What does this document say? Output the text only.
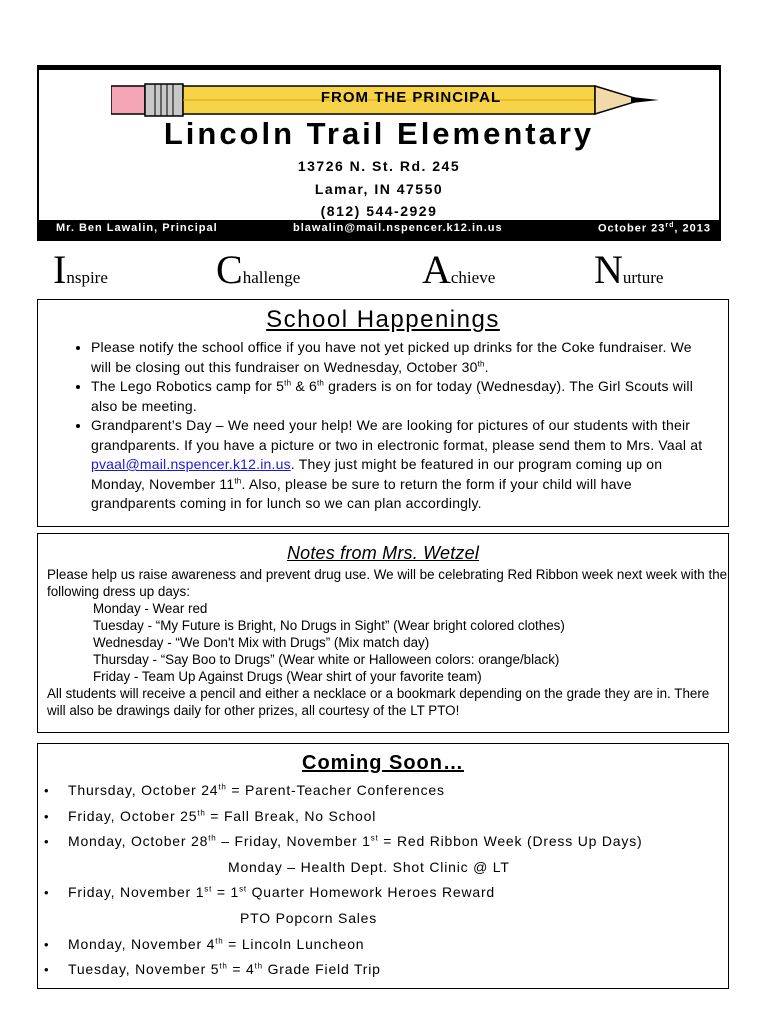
FROM THE PRINCIPAL
Lincoln Trail Elementary
13726 N. St. Rd. 245
Lamar, IN 47550
(812) 544-2929
Mr. Ben Lawalin, Principal	blawalin@mail.nspencer.k12.in.us	October 23rd, 2013
Inspire	Challenge	Achieve Nurture
School Happenings
• Please notify the school office if you have not yet picked up drinks for the Coke fundraiser. We will be closing out this fundraiser on Wednesday, October 30th.
• The Lego Robotics camp for 5th & 6th graders is on for today (Wednesday). The Girl Scouts will also be meeting.
• Grandparent’s Day – We need your help! We are looking for pictures of our students with their grandparents. If you have a picture or two in electronic format, please send them to Mrs. Vaal at pvaal@mail.nspencer.k12.in.us. They just might be featured in our program coming up on Monday, November 11th. Also, please be sure to return the form if your child will have grandparents coming in for lunch so we can plan accordingly.
Notes from Mrs. Wetzel
Please help us raise awareness and prevent drug use. We will be celebrating Red Ribbon week next week with the following dress up days:
Monday - Wear red
Tuesday - “My Future is Bright, No Drugs in Sight” (Wear bright colored clothes)
Wednesday - “We Don't Mix with Drugs” (Mix match day)
Thursday - “Say Boo to Drugs” (Wear white or Halloween colors: orange/black)
Friday - Team Up Against Drugs (Wear shirt of your favorite team)
All students will receive a pencil and either a necklace or a bookmark depending on the grade they are in. There will also be drawings daily for other prizes, all courtesy of the LT PTO!
Coming Soon…
• Thursday, October 24th = Parent-Teacher Conferences
• Friday, October 25th = Fall Break, No School
• Monday, October 28th – Friday, November 1st = Red Ribbon Week (Dress Up Days)
Monday – Health Dept. Shot Clinic @ LT
• Friday, November 1st = 1st Quarter Homework Heroes Reward
PTO Popcorn Sales
• Monday, November 4th = Lincoln Luncheon
• Tuesday, November 5th = 4th Grade Field Trip
